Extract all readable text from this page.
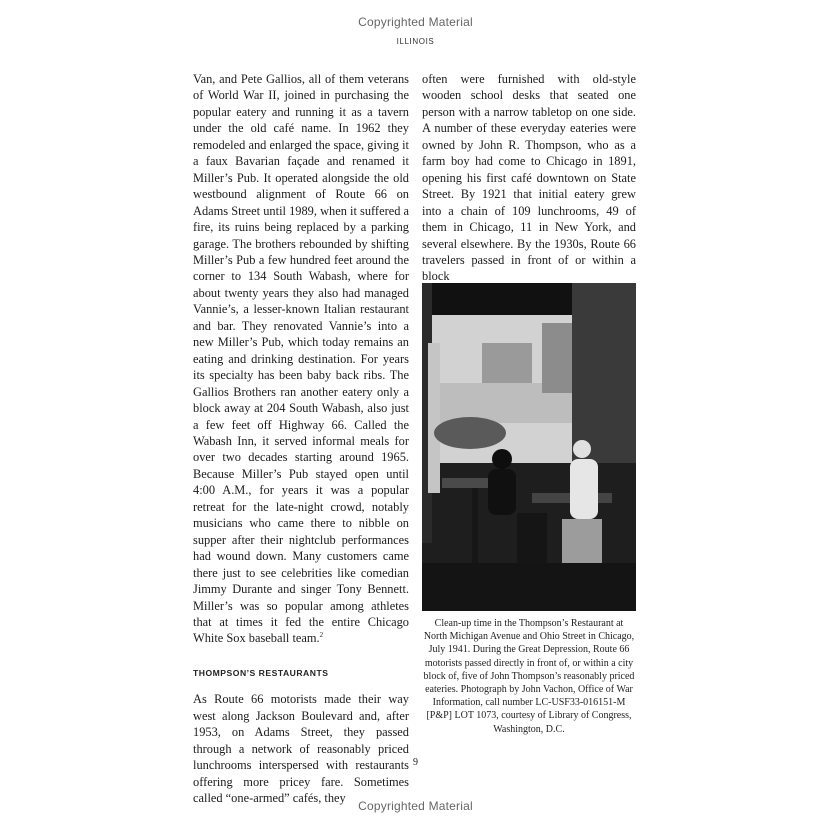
Copyrighted Material
ILLINOIS

Van, and Pete Gallios, all of them veterans of World War II, joined in purchasing the popular eatery and running it as a tavern under the old café name. In 1962 they remodeled and enlarged the space, giving it a faux Bavarian façade and renamed it Miller’s Pub. It operated alongside the old westbound alignment of Route 66 on Adams Street until 1989, when it suffered a fire, its ruins being replaced by a parking garage. The brothers rebounded by shifting Miller’s Pub a few hundred feet around the corner to 134 South Wabash, where for about twenty years they also had managed Vannie’s, a lesser-known Italian restaurant and bar. They renovated Vannie’s into a new Miller’s Pub, which today remains an eating and drinking destination. For years its specialty has been baby back ribs. The Gallios Brothers ran another eatery only a block away at 204 South Wabash, also just a few feet off Highway 66. Called the Wabash Inn, it served informal meals for over two decades starting around 1965. Because Miller’s Pub stayed open until 4:00 A.M., for years it was a popular retreat for the late-night crowd, notably musicians who came there to nibble on supper after their nightclub performances had wound down. Many customers came there just to see celebrities like comedian Jimmy Durante and singer Tony Bennett. Miller’s was so popular among athletes that at times it fed the entire Chicago White Sox baseball team.$^2$

THOMPSON’S RESTAURANTS

As Route 66 motorists made their way west along Jackson Boulevard and, after 1953, on Adams Street, they passed through a network of reasonably priced lunchrooms interspersed with restaurants offering more pricey fare. Sometimes called “one-armed” cafés, they

often were furnished with old-style wooden school desks that seated one person with a narrow tabletop on one side. A number of these everyday eateries were owned by John R. Thompson, who as a farm boy had come to Chicago in 1891, opening his first café downtown on State Street. By 1921 that initial eatery grew into a chain of 109 lunchrooms, 49 of them in Chicago, 11 in New York, and several elsewhere. By the 1930s, Route 66 travelers passed in front of or within a block

Clean-up time in the Thompson’s Restaurant at North Michigan Avenue and Ohio Street in Chicago, July 1941. During the Great Depression, Route 66 motorists passed directly in front of, or within a city block of, five of John Thompson’s reasonably priced eateries. Photograph by John Vachon, Office of War Information, call number LC-USF33-016151-M [P&P] LOT 1073, courtesy of Library of Congress, Washington, D.C.
9
Copyrighted Material
